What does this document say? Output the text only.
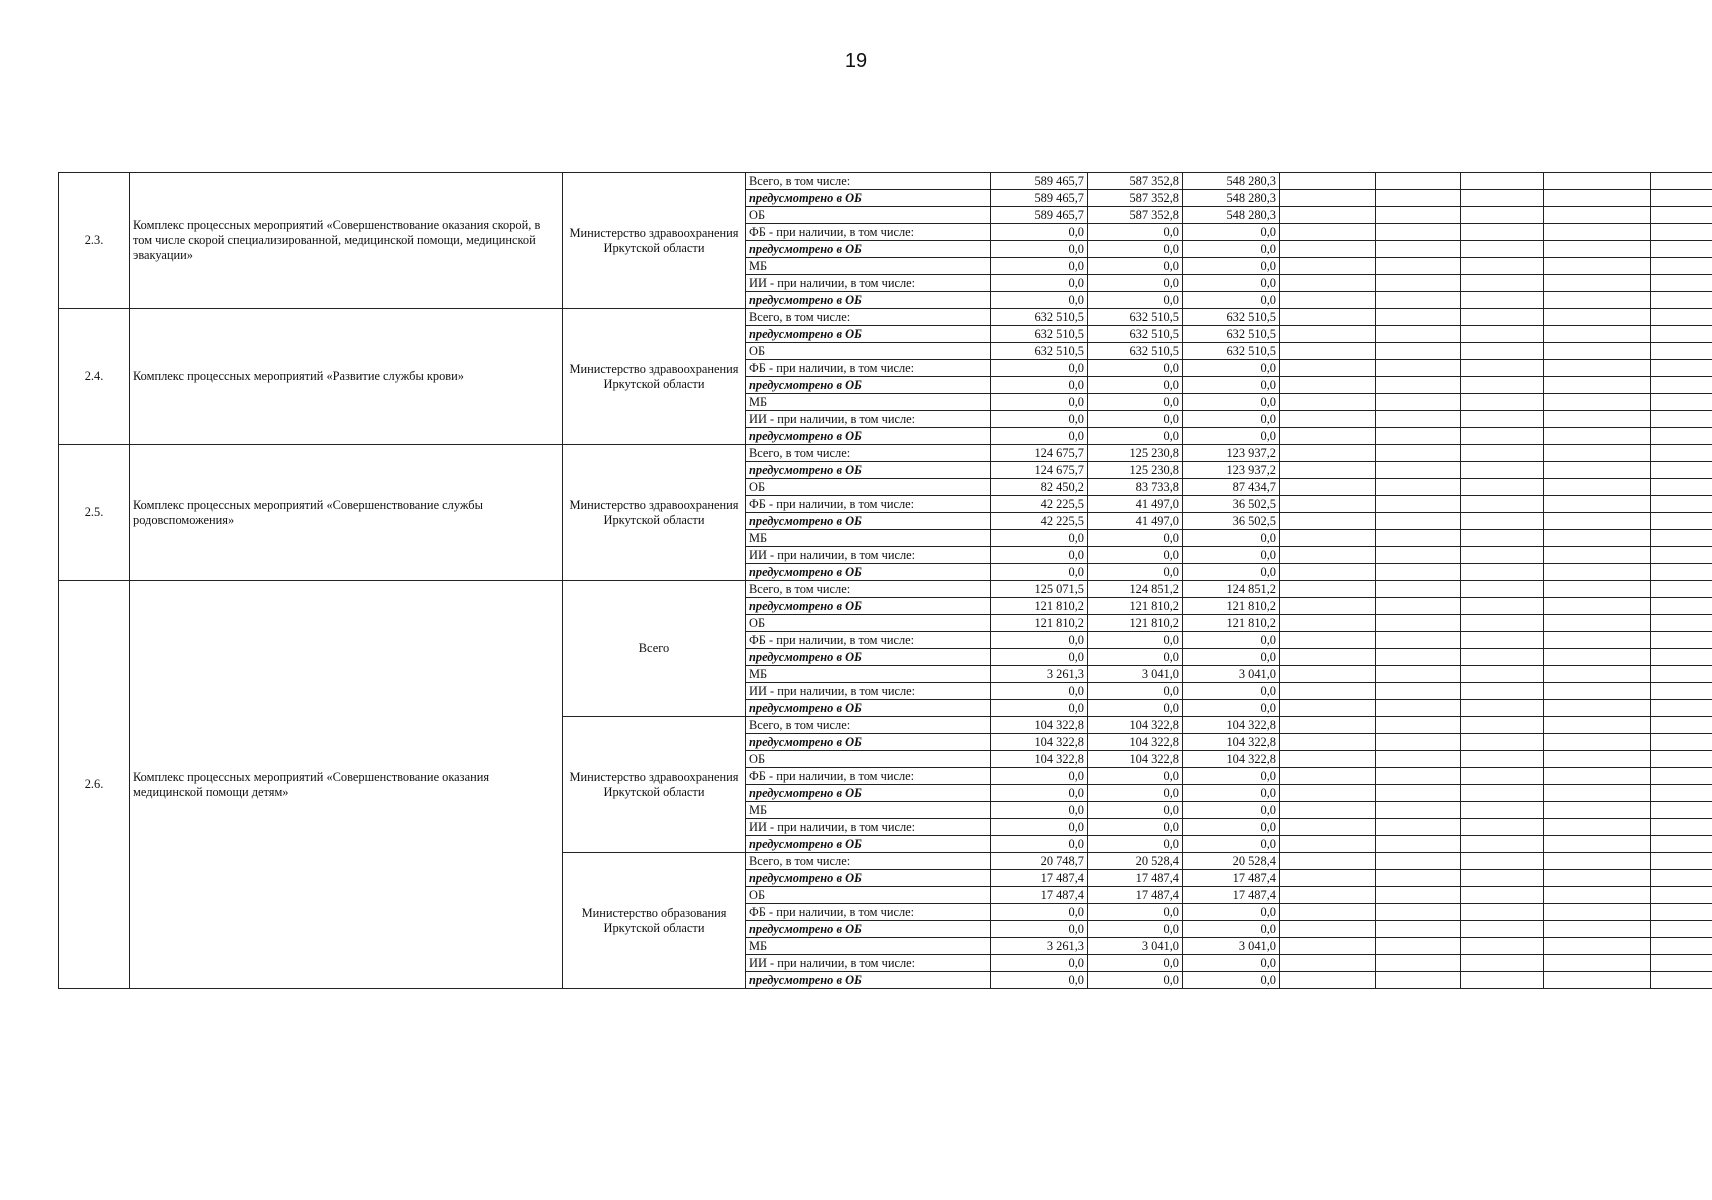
19
2.3.	Комплекс процессных мероприятий «Совершенствование оказания скорой, в том числе скорой специализированной, медицинской помощи, медицинской эвакуации»	Министерство здравоохранения Иркутской области	Всего, в том числе:	589 465,7	587 352,8	548 280,3					
			предусмотрено в ОБ	589 465,7	587 352,8	548 280,3					
			ОБ	589 465,7	587 352,8	548 280,3					
			ФБ - при наличии, в том числе:	0,0	0,0	0,0					
			предусмотрено в ОБ	0,0	0,0	0,0					
			МБ	0,0	0,0	0,0					
			ИИ - при наличии, в том числе:	0,0	0,0	0,0					
			предусмотрено в ОБ	0,0	0,0	0,0					
2.4.	Комплекс процессных мероприятий «Развитие службы крови»	Министерство здравоохранения Иркутской области	Всего, в том числе:	632 510,5	632 510,5	632 510,5					
			предусмотрено в ОБ	632 510,5	632 510,5	632 510,5					
			ОБ	632 510,5	632 510,5	632 510,5					
			ФБ - при наличии, в том числе:	0,0	0,0	0,0					
			предусмотрено в ОБ	0,0	0,0	0,0					
			МБ	0,0	0,0	0,0					
			ИИ - при наличии, в том числе:	0,0	0,0	0,0					
			предусмотрено в ОБ	0,0	0,0	0,0					
2.5.	Комплекс процессных мероприятий «Совершенствование службы родовспоможения»	Министерство здравоохранения Иркутской области	Всего, в том числе:	124 675,7	125 230,8	123 937,2					
			предусмотрено в ОБ	124 675,7	125 230,8	123 937,2					
			ОБ	82 450,2	83 733,8	87 434,7					
			ФБ - при наличии, в том числе:	42 225,5	41 497,0	36 502,5					
			предусмотрено в ОБ	42 225,5	41 497,0	36 502,5					
			МБ	0,0	0,0	0,0					
			ИИ - при наличии, в том числе:	0,0	0,0	0,0					
			предусмотрено в ОБ	0,0	0,0	0,0					
2.6.	Комплекс процессных мероприятий «Совершенствование оказания медицинской помощи детям»	Всего	Всего, в том числе:	125 071,5	124 851,2	124 851,2					
			предусмотрено в ОБ	121 810,2	121 810,2	121 810,2					
			ОБ	121 810,2	121 810,2	121 810,2					
			ФБ - при наличии, в том числе:	0,0	0,0	0,0					
			предусмотрено в ОБ	0,0	0,0	0,0					
			МБ	3 261,3	3 041,0	3 041,0					
			ИИ - при наличии, в том числе:	0,0	0,0	0,0					
			предусмотрено в ОБ	0,0	0,0	0,0					
		Министерство здравоохранения Иркутской области	Всего, в том числе:	104 322,8	104 322,8	104 322,8					
			предусмотрено в ОБ	104 322,8	104 322,8	104 322,8					
			ОБ	104 322,8	104 322,8	104 322,8					
			ФБ - при наличии, в том числе:	0,0	0,0	0,0					
			предусмотрено в ОБ	0,0	0,0	0,0					
			МБ	0,0	0,0	0,0					
			ИИ - при наличии, в том числе:	0,0	0,0	0,0					
			предусмотрено в ОБ	0,0	0,0	0,0					
		Министерство образования Иркутской области	Всего, в том числе:	20 748,7	20 528,4	20 528,4					
			предусмотрено в ОБ	17 487,4	17 487,4	17 487,4					
			ОБ	17 487,4	17 487,4	17 487,4					
			ФБ - при наличии, в том числе:	0,0	0,0	0,0					
			предусмотрено в ОБ	0,0	0,0	0,0					
			МБ	3 261,3	3 041,0	3 041,0					
			ИИ - при наличии, в том числе:	0,0	0,0	0,0					
			предусмотрено в ОБ	0,0	0,0	0,0					
